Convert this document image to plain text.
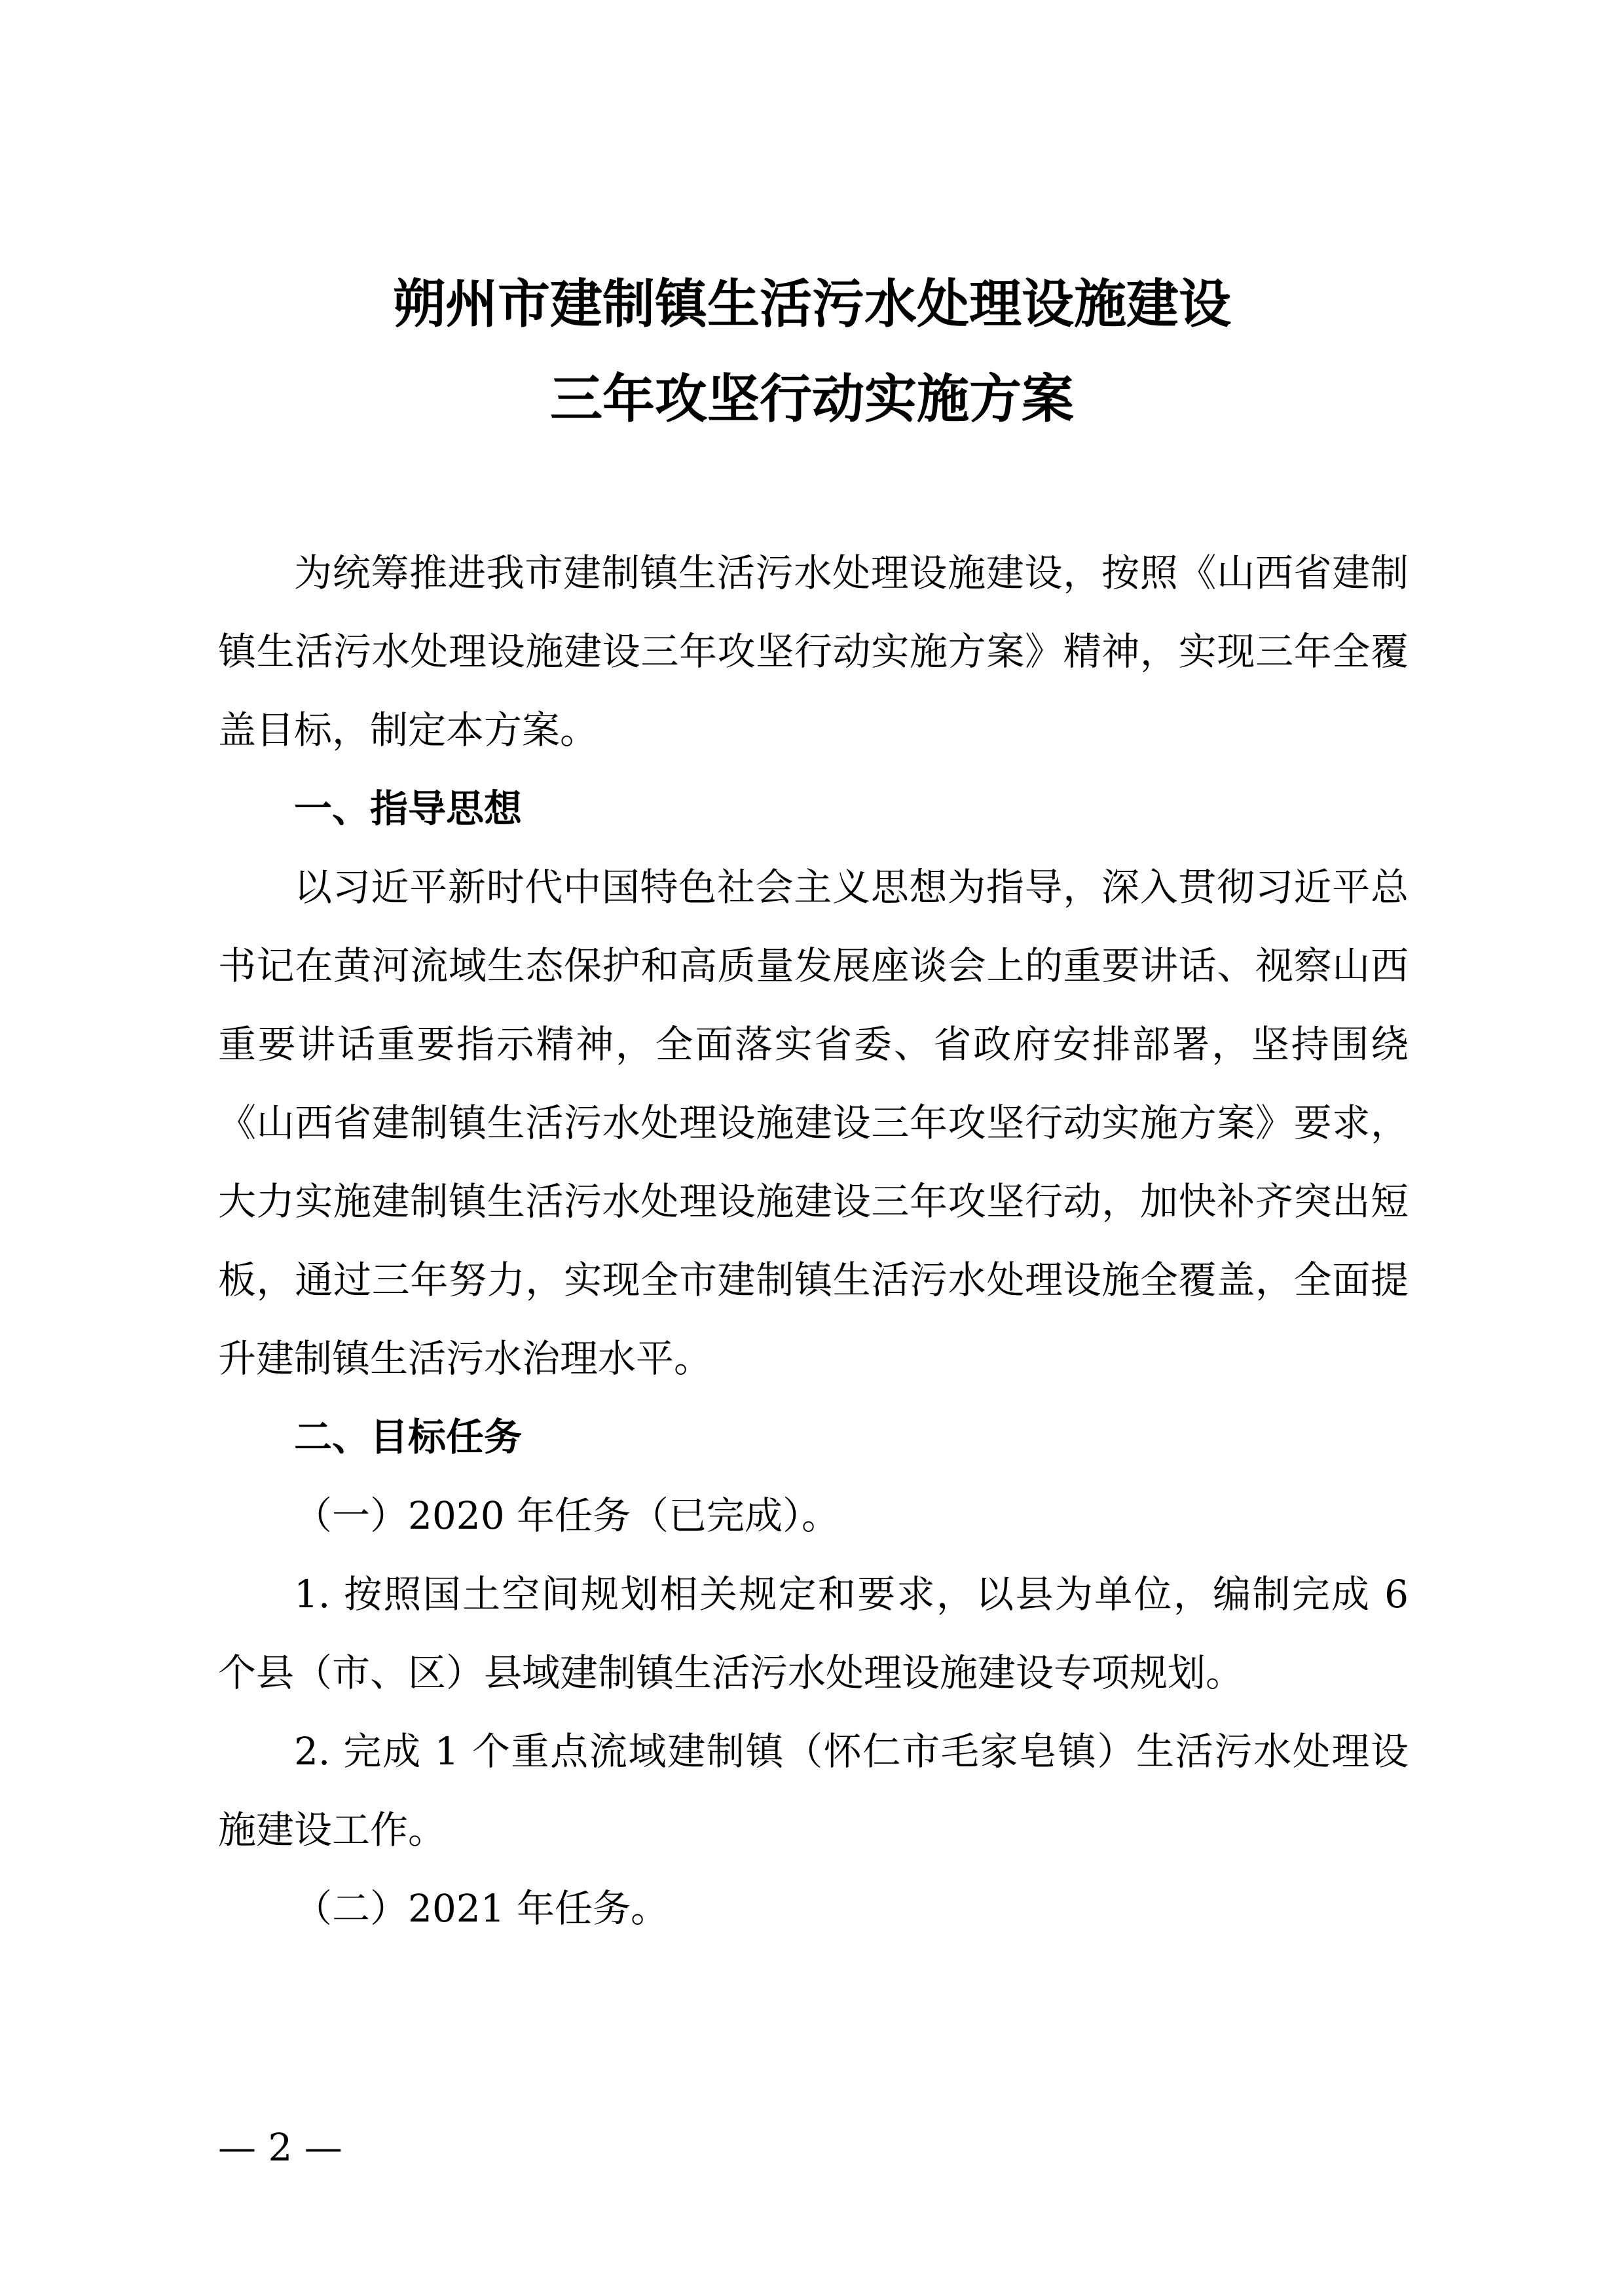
朔州市建制镇生活污水处理设施建设
三年攻坚行动实施方案

为统筹推进我市建制镇生活污水处理设施建设，按照《山西省建制镇生活污水处理设施建设三年攻坚行动实施方案》精神，实现三年全覆盖目标，制定本方案。

一、指导思想

以习近平新时代中国特色社会主义思想为指导，深入贯彻习近平总书记在黄河流域生态保护和高质量发展座谈会上的重要讲话、视察山西重要讲话重要指示精神，全面落实省委、省政府安排部署，坚持围绕《山西省建制镇生活污水处理设施建设三年攻坚行动实施方案》要求，大力实施建制镇生活污水处理设施建设三年攻坚行动，加快补齐突出短板，通过三年努力，实现全市建制镇生活污水处理设施全覆盖，全面提升建制镇生活污水治理水平。

二、目标任务

（一）2020 年任务（已完成）。

1. 按照国土空间规划相关规定和要求，以县为单位，编制完成 6 个县（市、区）县域建制镇生活污水处理设施建设专项规划。

2. 完成 1 个重点流域建制镇（怀仁市毛家皂镇）生活污水处理设施建设工作。

（二）2021 年任务。

— 2 —
